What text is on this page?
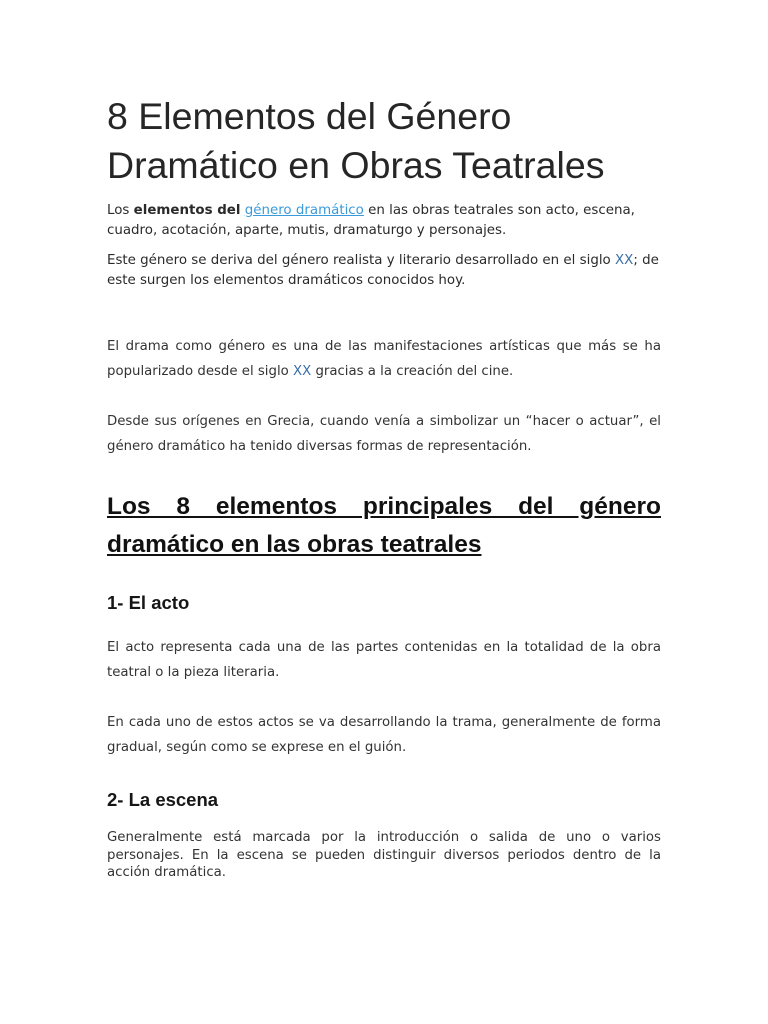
8 Elementos del Género Dramático en Obras Teatrales

Los elementos del género dramático en las obras teatrales son acto, escena, cuadro, acotación, aparte, mutis, dramaturgo y personajes.

Este género se deriva del género realista y literario desarrollado en el siglo XX; de este surgen los elementos dramáticos conocidos hoy.

El drama como género es una de las manifestaciones artísticas que más se ha popularizado desde el siglo XX gracias a la creación del cine.

Desde sus orígenes en Grecia, cuando venía a simbolizar un “hacer o actuar”, el género dramático ha tenido diversas formas de representación.

Los 8 elementos principales del género dramático en las obras teatrales
1- El acto

El acto representa cada una de las partes contenidas en la totalidad de la obra teatral o la pieza literaria.

En cada uno de estos actos se va desarrollando la trama, generalmente de forma gradual, según como se exprese en el guión.

2- La escena

Generalmente está marcada por la introducción o salida de uno o varios personajes. En la escena se pueden distinguir diversos periodos dentro de la acción dramática.
